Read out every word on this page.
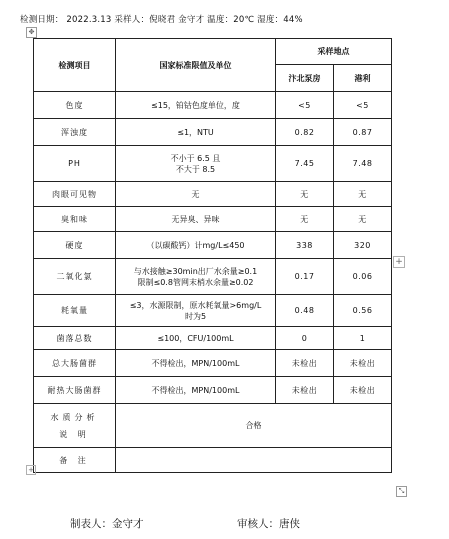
检测日期： 2022.3.13 采样人：倪晓君 金守才 温度：20℃ 湿度：44%
✥
检测项目	国家标准限值及单位	采样地点	
		汴北泵房	港利
色度	≤15，铂钴色度单位，度	<5	<5
浑浊度	≤1，NTU	0.82	0.87
PH	不小于 6.5 且
不大于 8.5	7.45	7.48
肉眼可见物	无	无	无
臭和味	无异臭、异味	无	无
硬度	（以碳酸钙）计mg/L≤450	338	320
二氧化氯	与水接触≥30min出厂水余量≥0.1
限制≤0.8管网末梢水余量≥0.02	0.17	0.06
耗氧量	≤3，水源限制，原水耗氧量>6mg/L
时为5	0.48	0.56
菌落总数	≤100，CFU/100mL	0	1
总大肠菌群	不得检出，MPN/100mL	未检出	未检出
耐热大肠菌群	不得检出，MPN/100mL	未检出	未检出

水质分析
说 明	合格		
备 注			
+
+
⤡
制表人：金守才	审核人：唐侠
